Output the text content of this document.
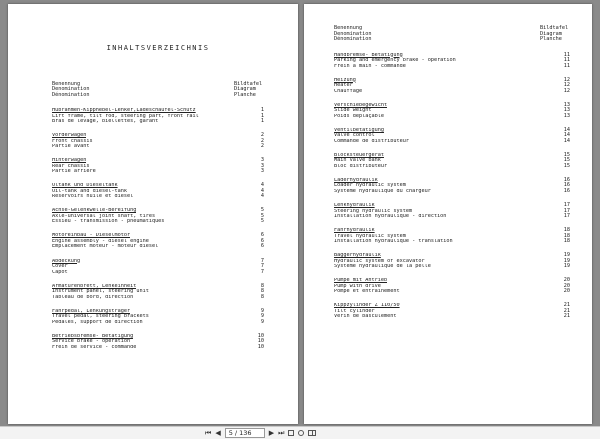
INHALTSVERZEICHNIS
Benennung
Denomination
Dénomination
Bildtafel
Diagram
Planche
Hubrahmen-Kipphebel-Lenker,Ladeschaufel-Schutz	1
Lift frame, tilt rod, steering part, front rail	1
Bras de levage, biellettes, garant	1
Vorderwagen	2
Front chassis	2
Partie avant	2
Hinterwagen	3
Rear chassis	3
Partie arrière	3
Öltank und Dieseltank	4
Oil-tank and diesel-tank	4
Réservoirs huile et diesel	4
Achse-Gelenkwelle-Bereifung	5
Axle-universal joint shaft, tires	5
Essieu - transmission - pneumatiques	5
Motoreinbau - Dieselmotor	6
Engine assembly - diesel engine	6
Emplacement moteur - moteur diesel	6
Abdeckung	7
Cover	7
Capot	7
Armaturenbrett, Lenkeinheit	8
Instrument panel, steering unit	8
Tableau de bord, direction	8
Fahrpedal, Lenkungsträger	9
Travel pedal, steering brackets	9
Pédales, support de direction	9
Betriebsbremse- Betätigung	10
Service brake - operation	10
Frein de service - commande	10
Benennung
Denomination
Dénomination
Bildtafel
Diagram
Planche
Handbremse- Betätigung	11
Parking and emergency brake - operation	11
Frein à main - commande	11
Heizung	12
Heater	12
Chauffage	12
Verschiebegewicht	13
Slide weight	13
Poids déplaçable	13
Ventilbetätigung	14
Valve control	14
Commande de distributeur	14
Blocksteuergerät	15
Main valve bank	15
Bloc distributeur	15
Laderhydraulik	16
Loader hydraulic system	16
Système hydraulique du chargeur	16
Lenkhydraulik	17
Steering hydraulic system	17
Installation hydraulique - direction	17
Fahrhydraulik	18
Travel hydraulic system	18
Installation hydraulique - translation	18
Baggerhydraulik	19
Hydraulic system of excavator	19
Système hydraulique de la pelle	19
Pumpe mit Antrieb	20
Pump with drive	20
Pompe et entraînement	20
Kippzylinder Z 110/50	21
Tilt cylinder	21
Vérin de basculement	21
⏮ ◀	5 / 136	▶ ⏭
